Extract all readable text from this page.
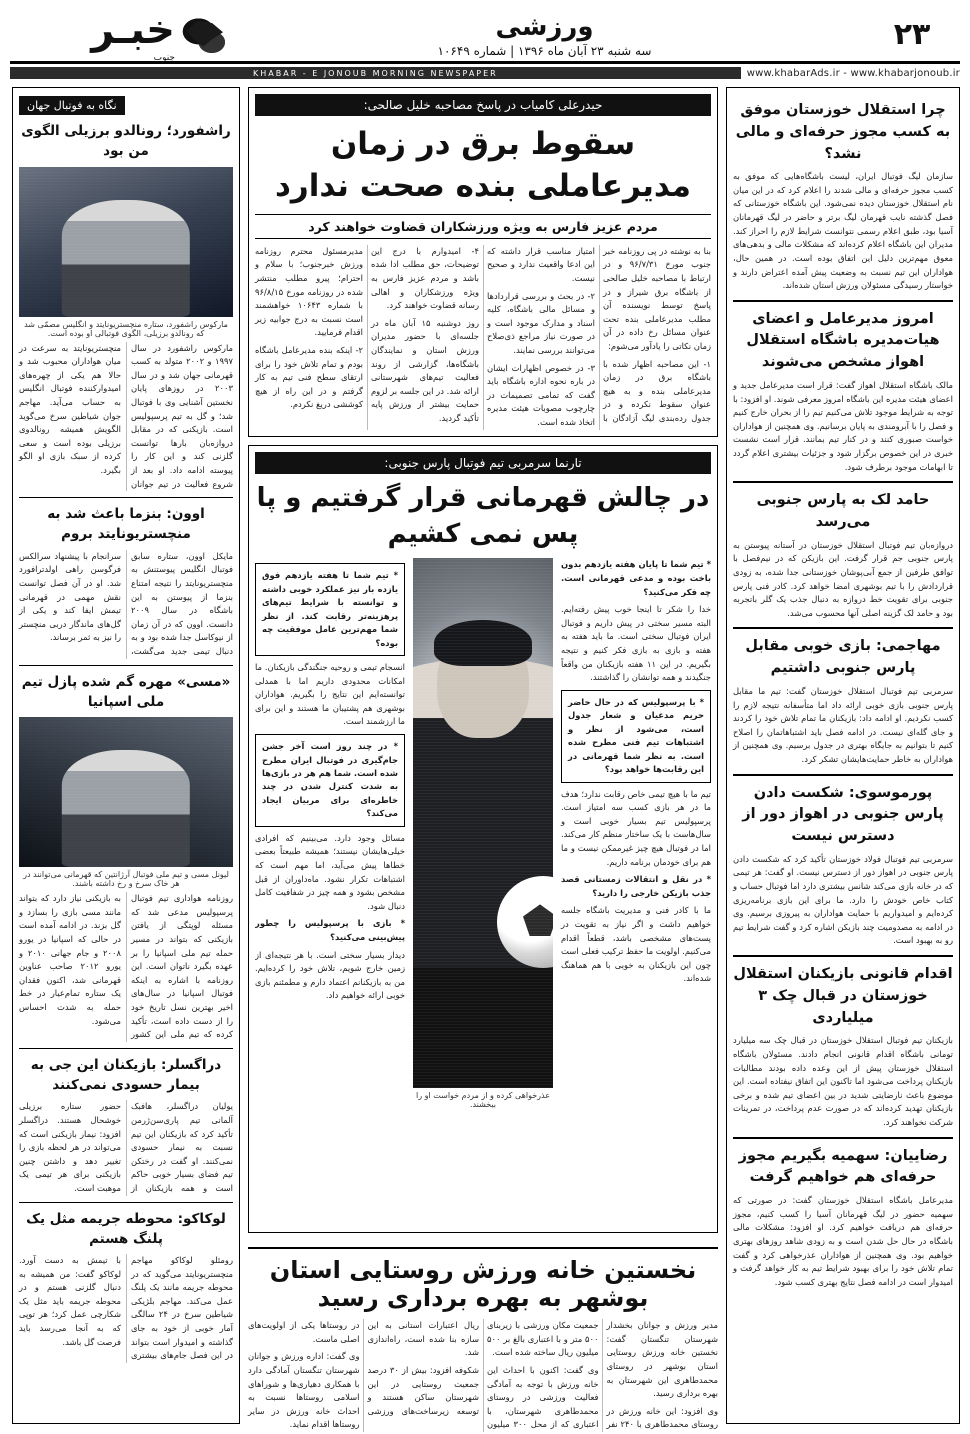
۲۳
ورزشی
سه شنبه ۲۳ آبان ماه ۱۳۹۶ | شماره ۱۰۶۴۹
خبـر
جنوب
www.khabarAds.ir - www.khabarjonoub.ir
KHABAR - E JONOUB MORNING NEWSPAPER
چرا استقلال خوزستان موفق به کسب مجوز حرفه‌ای و مالی نشد؟
سازمان لیگ فوتبال ایران، لیست باشگاه‌هایی که موفق به کسب مجوز حرفه‌ای و مالی شدند را اعلام کرد که در این میان نام استقلال خوزستان دیده نمی‌شود. این باشگاه خوزستانی که فصل گذشته نایب قهرمان لیگ برتر و حاضر در لیگ قهرمانان آسیا بود، طبق اعلام رسمی نتوانست شرایط لازم را احراز کند. مدیران این باشگاه اعلام کرده‌اند که مشکلات مالی و بدهی‌های معوق مهم‌ترین دلیل این اتفاق بوده است. در همین حال، هواداران این تیم نسبت به وضعیت پیش آمده اعتراض دارند و خواستار رسیدگی مسئولان ورزش استان شده‌اند.
امروز مدیرعامل و اعضای هیات‌مدیره باشگاه استقلال اهواز مشخص می‌شوند
مالک باشگاه استقلال اهواز گفت: قرار است مدیرعامل جدید و اعضای هیئت مدیره این باشگاه امروز معرفی شوند. او افزود: با توجه به شرایط موجود تلاش می‌کنیم تیم را از بحران خارج کنیم و فصل را با آبرومندی به پایان برسانیم. وی همچنین از هواداران خواست صبوری کنند و در کنار تیم بمانند. قرار است نشست خبری در این خصوص برگزار شود و جزئیات بیشتری اعلام گردد تا ابهامات موجود برطرف شود.
حامد لک به پارس جنوبی می‌رسد
دروازه‌بان تیم فوتبال استقلال خوزستان در آستانه پیوستن به پارس جنوبی جم قرار گرفت. این بازیکن که در نیم‌فصل با توافق طرفین از جمع آبی‌پوشان خوزستانی جدا شده، به زودی قراردادش را با تیم بوشهری امضا خواهد کرد. کادر فنی پارس جنوبی برای تقویت خط دروازه به دنبال جذب یک گلر باتجربه بود و حامد لک گزینه اصلی آنها محسوب می‌شد.
مهاجمی: بازی خوبی مقابل پارس جنوبی داشتیم
سرمربی تیم فوتبال استقلال خوزستان گفت: تیم ما مقابل پارس جنوبی بازی خوبی ارائه داد اما متأسفانه نتیجه لازم را کسب نکردیم. او ادامه داد: بازیکنان ما تمام تلاش خود را کردند و جای گله‌ای نیست. در ادامه فصل باید اشتباهاتمان را اصلاح کنیم تا بتوانیم به جایگاه بهتری در جدول برسیم. وی همچنین از هواداران به خاطر حمایت‌هایشان تشکر کرد.
پورموسوی: شکست دادن پارس جنوبی در اهواز دور از دسترس نیست
سرمربی تیم فوتبال فولاد خوزستان تأکید کرد که شکست دادن پارس جنوبی در اهواز دور از دسترس نیست. او گفت: هر تیمی که در خانه بازی می‌کند شانس بیشتری دارد اما فوتبال حساب و کتاب خاص خودش را دارد. ما برای این بازی برنامه‌ریزی کرده‌ایم و امیدواریم با حمایت هواداران به پیروزی برسیم. وی در ادامه به مصدومیت چند بازیکن اشاره کرد و گفت شرایط تیم رو به بهبود است.
اقدام قانونی بازیکنان استقلال خوزستان در قبال چک ۳ میلیاردی
بازیکنان تیم فوتبال استقلال خوزستان در قبال چک سه میلیارد تومانی باشگاه اقدام قانونی انجام دادند. مسئولان باشگاه استقلال خوزستان پیش از این وعده داده بودند مطالبات بازیکنان پرداخت می‌شود اما تاکنون این اتفاق نیفتاده است. این موضوع باعث نارضایتی شدید در بین اعضای تیم شده و برخی بازیکنان تهدید کرده‌اند که در صورت عدم پرداخت، در تمرینات شرکت نخواهند کرد.
رضاییان: سهمیه بگیریم مجوز حرفه‌ای هم خواهیم گرفت
مدیرعامل باشگاه استقلال خوزستان گفت: در صورتی که سهمیه حضور در لیگ قهرمانان آسیا را کسب کنیم، مجوز حرفه‌ای هم دریافت خواهیم کرد. او افزود: مشکلات مالی باشگاه در حال حل شدن است و به زودی شاهد روزهای بهتری خواهیم بود. وی همچنین از هواداران عذرخواهی کرد و گفت تمام تلاش خود را برای بهبود شرایط تیم به کار خواهد گرفت و امیدوار است در ادامه فصل نتایج بهتری کسب شود.
حیدرعلی کامیاب در پاسخ مصاحبه خلیل صالحی:
سقوط برق در زمان مدیرعاملی بنده صحت ندارد
مردم عزیز فارس به ویژه ورزشکاران قضاوت خواهند کرد

بنا به نوشته در پی روزنامه خبر جنوب مورخ ۹۶/۷/۳۱ و در ارتباط با مصاحبه خلیل صالحی از باشگاه برق شیراز و در پاسخ توسط نویسنده آن مطلب مدیرعاملی بنده تحت عنوان مسائل رخ داده در آن زمان نکاتی را یادآور می‌شوم:

۱- این مصاحبه اظهار شده با باشگاه برق در زمان مدیرعاملی بنده و به هیچ عنوان سقوط نکرده و در جدول رده‌بندی لیگ آزادگان با امتیاز مناسب قرار داشته که این ادعا واقعیت ندارد و صحیح نیست.

۲- در بحث و بررسی قراردادها و مسائل مالی باشگاه، کلیه اسناد و مدارک موجود است و در صورت نیاز مراجع ذی‌صلاح می‌توانند بررسی نمایند.

۳- در خصوص اظهارات ایشان در باره نحوه اداره باشگاه باید گفت که تمامی تصمیمات در چارچوب مصوبات هیئت مدیره اتخاذ شده است.

۴- امیدوارم با درج این توضیحات، حق مطلب ادا شده باشد و مردم عزیز فارس به ویژه ورزشکاران و اهالی رسانه قضاوت خواهند کرد.

روز دوشنبه ۱۵ آبان ماه در جلسه‌ای با حضور مدیران ورزش استان و نمایندگان باشگاه‌ها، گزارشی از روند فعالیت تیم‌های شهرستانی ارائه شد. در این جلسه بر لزوم حمایت بیشتر از ورزش پایه تأکید گردید.

مدیرمسئول محترم روزنامه ورزش خبرجنوب؛ با سلام و احترام؛ پیرو مطلب منتشر شده در روزنامه مورخ ۹۶/۸/۱۵ با شماره ۱۰۶۴۳ خواهشمند است نسبت به درج جوابیه زیر اقدام فرمایید.

۲- اینکه بنده مدیرعامل باشگاه بودم و تمام تلاش خود را برای ارتقای سطح فنی تیم به کار گرفتم و در این راه از هیچ کوششی دریغ نکردم.

تارنما سرمربی تیم فوتبال پارس جنوبی:
در چالش قهرمانی قرار گرفتیم و پا پس نمی کشیم

* تیم شما تا پایان هفته یازدهم بدون باخت بوده و مدعی قهرمانی است. چه فکر می‌کنید؟

خدا را شکر تا اینجا خوب پیش رفته‌ایم. البته مسیر سختی در پیش داریم و فوتبال ایران فوتبال سختی است. ما باید هفته به هفته و بازی به بازی فکر کنیم و نتیجه بگیریم. در این ۱۱ هفته بازیکنان من واقعاً جنگیدند و همه توانشان را گذاشتند.

* با پرسپولیس که در حال حاضر حریم مدعیان و شعار جدول است، می‌شود از نظر و اشتباهات تیم فنی مطرح شده است. به نظر شما قهرمانی در این رقابت‌ها خواهد بود؟

تیم ما با هیچ تیمی خاص رقابت ندارد؛ هدف ما در هر بازی کسب سه امتیاز است. پرسپولیس تیم بسیار خوبی است و سال‌هاست با یک ساختار منظم کار می‌کند. اما در فوتبال هیچ چیز غیرممکن نیست و ما هم برای خودمان برنامه داریم.

* در نقل و انتقالات زمستانی قصد جذب بازیکن خارجی را دارید؟

ما با کادر فنی و مدیریت باشگاه جلسه خواهیم داشت و اگر نیاز به تقویت در پست‌های مشخصی باشد، قطعاً اقدام می‌کنیم. اولویت ما حفظ ترکیب فعلی است چون این بازیکنان به خوبی با هم هماهنگ شده‌اند.

عذرخواهی کرده و از مردم خواست او را ببخشند.
* تیم شما تا هفته یازدهم فوق یازده بار نیز عملکرد خوبی داشته و توانسته با شرایط تیم‌های پرهزینه‌تر رقابت کند. از نظر شما مهم‌ترین عامل موفقیت چه بوده؟

انسجام تیمی و روحیه جنگندگی بازیکنان. ما امکانات محدودی داریم اما با همدلی توانسته‌ایم این نتایج را بگیریم. هواداران بوشهری هم پشتیبان ما هستند و این برای ما ارزشمند است.

* در چند روز است آخر جشن جام‌گیری در فوتبال ایران مطرح شده است. شما هم هر در بازی‌ها به شدت کنترل شدن در چند خاطره‌ای برای مربیان ایجاد می‌کند؟

مسائل وجود دارد. می‌بینیم که افرادی خیلی‌هایشان نیستند؛ همیشه طبیعتاً بعضی خطاها پیش می‌آید، اما مهم است که اشتباهات تکرار نشود. ماه‌داوران از قبل مشخص بشود و همه چیز در شفافیت کامل دنبال شود.

* بازی با پرسپولیس را چطور پیش‌بینی می‌کنید؟

دیدار بسیار سختی است. با هر نتیجه‌ای از زمین خارج شویم، تلاش خود را کرده‌ایم. من به بازیکنانم اعتماد دارم و مطمئنم بازی خوبی ارائه خواهیم داد.

نخستین خانه ورزش روستایی استان بوشهر به بهره برداری رسید

مدیر ورزش و جوانان بخشدار شهرستان تنگستان گفت: نخستین خانه ورزش روستایی استان بوشهر در روستای محمدطاهری این شهرستان به بهره برداری رسید.

وی افزود: این خانه ورزش در روستای محمدطاهری با ۲۴۰ نفر جمعیت مکان ورزشی با زیربنای ۵۰۰ متر و با اعتباری بالغ بر ۵۰۰ میلیون ریال ساخته شده است.

وی گفت: اکنون با احداث این خانه ورزش با توجه به آمادگی فعالیت ورزشی در روستای محمدطاهری شهرستان، با اعتباری که از محل ۳۰۰ میلیون ریال اعتبارات استانی به این سازه بنا شده است، راه‌اندازی شد.

شکوفه افزود: بیش از ۳۰ درصد جمعیت روستایی در این شهرستان ساکن هستند و توسعه زیرساخت‌های ورزشی در روستاها یکی از اولویت‌های اصلی ماست.

وی گفت: اداره ورزش و جوانان شهرستان تنگستان آمادگی دارد با همکاری دهیاری‌ها و شوراهای اسلامی روستاها نسبت به احداث خانه ورزش در سایر روستاها اقدام نماید.

نگاه به فوتبال جهان
راشفورد؛ رونالدو برزیلی الگوی من بود
مارکوس راشفورد، ستاره منچستریونایتد و انگلیس مصمّی شد که رونالدو برزیلی، الگوی فوتبالی او بوده است.
مارکوس راشفورد در سال ۱۹۹۷ و ۲۰۰۲ متولد به کسب قهرمانی جهان شد و در سال ۲۰۰۳ در روزهای پایان نخستین آشنایی وی با فوتبال شد؛ و گل به تیم پرسپولیس است. بازیکنی که در مقابل دروازه‌بان بارها توانست گلزنی کند و این کار را پیوسته ادامه داد. او بعد از شروع فعالیت در تیم جوانان منچستریونایتد به سرعت در میان هواداران محبوب شد و حالا هم یکی از چهره‌های امیدوارکننده فوتبال انگلیس به حساب می‌آید. مهاجم جوان شیاطین سرخ می‌گوید الگویش همیشه رونالدوی برزیلی بوده است و سعی کرده از سبک بازی او الگو بگیرد.
اوون: بنزما باعث شد به منچستریونایتد بروم
مایکل اوون، ستاره سابق فوتبال انگلیس پیوستنش به منچستریونایتد را نتیجه امتناع بنزما از پیوستن به این باشگاه در سال ۲۰۰۹ دانست. اوون که در آن زمان از نیوکاسل جدا شده بود و به دنبال تیمی جدید می‌گشت، سرانجام با پیشنهاد سرالکس فرگوسن راهی اولدترافورد شد. او در آن فصل توانست نقش مهمی در قهرمانی تیمش ایفا کند و یکی از گل‌های ماندگار دربی منچستر را نیز به ثمر برساند.
«مسی» مهره گم شده پازل تیم ملی اسپانیا
لیونل مسی و تیم ملی فوتبال آرژانتین که قهرمانی می‌توانند در هر خاک سرخ و رخ داشته باشند.
روزنامه هواداری تیم فوتبال پرسپولیس مدعی شد که مسئله لوپتگی از یافتن بازیکنی که بتواند در مسیر حمله تیم ملی اسپانیا را بر عهده بگیرد ناتوان است. این روزنامه با اشاره به اینکه فوتبال اسپانیا در سال‌های اخیر بهترین نسل تاریخ خود را از دست داده است، تأکید کرده که تیم ملی این کشور به بازیکنی نیاز دارد که بتواند مانند مسی بازی را بسازد و گل بزند. در ادامه آمده است در حالی که اسپانیا در یورو ۲۰۰۸ و جام جهانی ۲۰۱۰ و یورو ۲۰۱۲ صاحب عناوین قهرمانی شد، اکنون فقدان یک ستاره تمام‌عیار در خط حمله به شدت احساس می‌شود.
دراگسلر: بازیکنان این جی به بیمار حسودی نمی‌کنند
یولیان دراگسلر، هافبک آلمانی تیم پاری‌سن‌ژرمن تأکید کرد که بازیکنان این تیم نسبت به نیمار حسودی نمی‌کنند. او گفت در رختکن تیم فضای بسیار خوبی حاکم است و همه بازیکنان از حضور ستاره برزیلی خوشحال هستند. دراگسلر افزود: نیمار بازیکنی است که می‌تواند در هر لحظه بازی را تغییر دهد و داشتن چنین بازیکنی برای هر تیمی یک موهبت است.
لوکاکو: محوطه جریمه مثل یک پلنگ هستم
رومئلو لوکاکو مهاجم منچستریونایتد می‌گوید که در محوطه جریمه مانند یک پلنگ عمل می‌کند. مهاجم بلژیکی شیاطین سرخ در ۲۴ سالگی آمار خوبی از خود به جای گذاشته و امیدوار است بتواند در این فصل جام‌های بیشتری با تیمش به دست آورد. لوکاکو گفت: من همیشه به دنبال گلزنی هستم و در محوطه جریمه باید مثل یک شکارچی عمل کرد؛ هر توپی که به آنجا می‌رسد باید فرصت گل باشد.
